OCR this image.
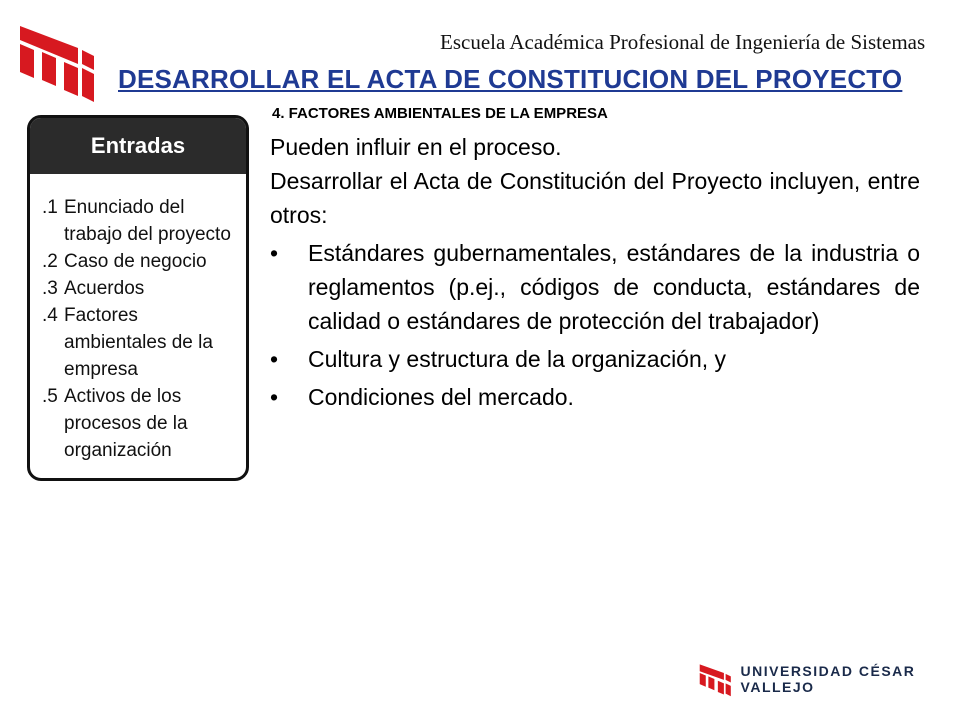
Escuela Académica Profesional de Ingeniería de Sistemas
DESARROLLAR EL ACTA DE CONSTITUCION DEL PROYECTO
Entradas
.1 Enunciado del trabajo del proyecto
.2 Caso de negocio
.3 Acuerdos
.4 Factores ambientales de la empresa
.5 Activos de los procesos de la organización
4. FACTORES AMBIENTALES DE LA EMPRESA

Pueden influir en el proceso.

Desarrollar el Acta de Constitución del Proyecto incluyen, entre otros:

• Estándares gubernamentales, estándares de la industria o reglamentos (p.ej., códigos de conducta, estándares de calidad o estándares de protección del trabajador)
• Cultura y estructura de la organización, y
• Condiciones del mercado.
UNIVERSIDAD CÉSAR VALLEJO
